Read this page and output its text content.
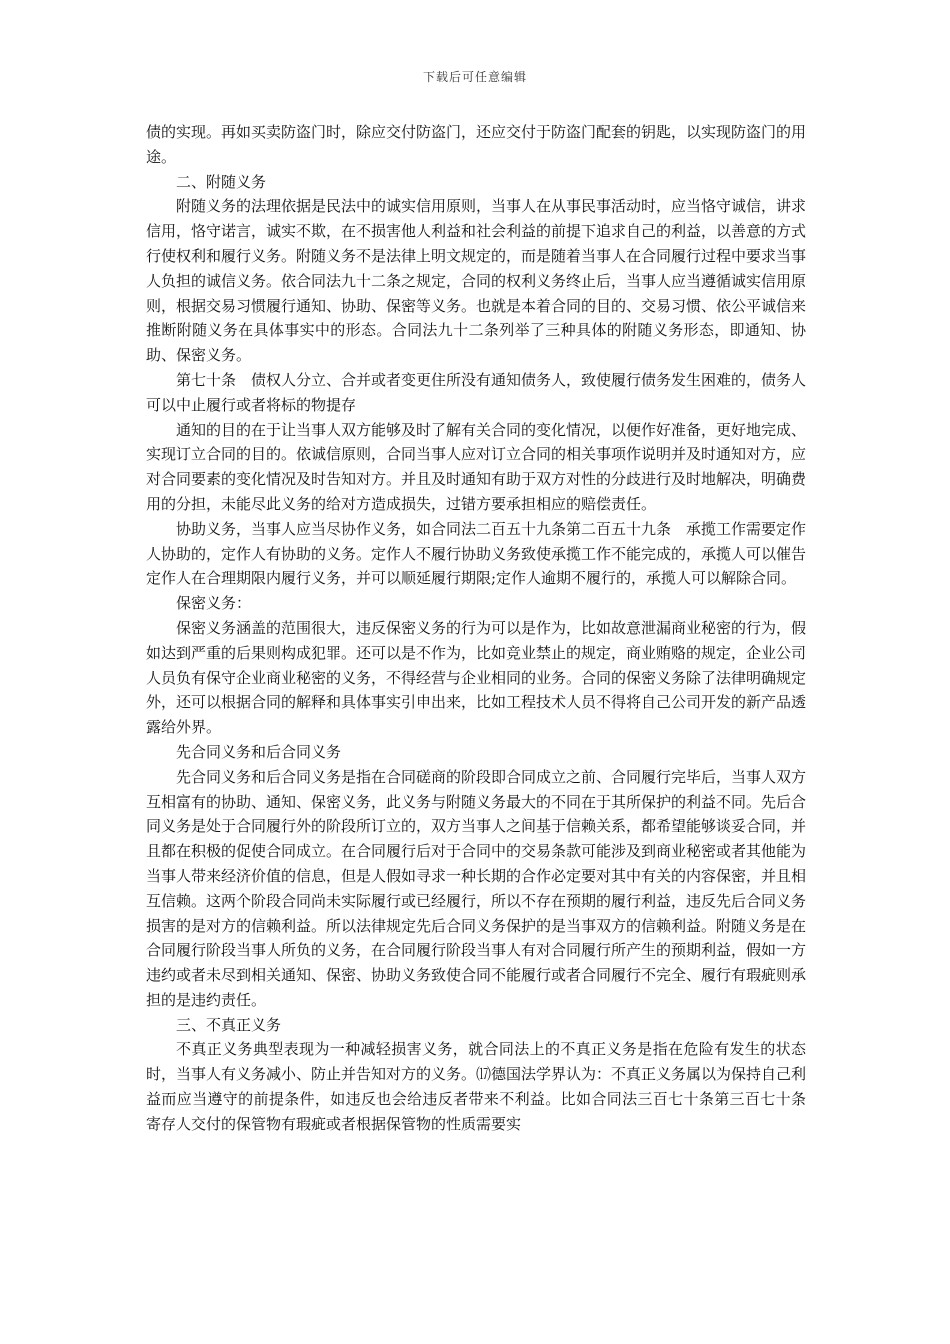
下载后可任意编辑

债的实现。再如买卖防盗门时，除应交付防盗门，还应交付于防盗门配套的钥匙，以实现防盗门的用途。

二、附随义务

附随义务的法理依据是民法中的诚实信用原则，当事人在从事民事活动时，应当恪守诚信，讲求信用，恪守诺言，诚实不欺，在不损害他人利益和社会利益的前提下追求自己的利益，以善意的方式行使权利和履行义务。附随义务不是法律上明文规定的，而是随着当事人在合同履行过程中要求当事人负担的诚信义务。依合同法九十二条之规定，合同的权利义务终止后，当事人应当遵循诚实信用原则，根据交易习惯履行通知、协助、保密等义务。也就是本着合同的目的、交易习惯、依公平诚信来推断附随义务在具体事实中的形态。合同法九十二条列举了三种具体的附随义务形态，即通知、协助、保密义务。

第七十条　债权人分立、合并或者变更住所没有通知债务人，致使履行债务发生困难的，债务人可以中止履行或者将标的物提存

通知的目的在于让当事人双方能够及时了解有关合同的变化情况，以便作好准备，更好地完成、实现订立合同的目的。依诚信原则，合同当事人应对订立合同的相关事项作说明并及时通知对方，应对合同要素的变化情况及时告知对方。并且及时通知有助于双方对性的分歧进行及时地解决，明确费用的分担，未能尽此义务的给对方造成损失，过错方要承担相应的赔偿责任。

协助义务，当事人应当尽协作义务，如合同法二百五十九条第二百五十九条　承揽工作需要定作人协助的，定作人有协助的义务。定作人不履行协助义务致使承揽工作不能完成的，承揽人可以催告定作人在合理期限内履行义务，并可以顺延履行期限;定作人逾期不履行的，承揽人可以解除合同。

保密义务：

保密义务涵盖的范围很大，违反保密义务的行为可以是作为，比如故意泄漏商业秘密的行为，假如达到严重的后果则构成犯罪。还可以是不作为，比如竞业禁止的规定，商业贿赂的规定，企业公司人员负有保守企业商业秘密的义务，不得经营与企业相同的业务。合同的保密义务除了法律明确规定外，还可以根据合同的解释和具体事实引申出来，比如工程技术人员不得将自己公司开发的新产品透露给外界。

先合同义务和后合同义务

先合同义务和后合同义务是指在合同磋商的阶段即合同成立之前、合同履行完毕后，当事人双方互相富有的协助、通知、保密义务，此义务与附随义务最大的不同在于其所保护的利益不同。先后合同义务是处于合同履行外的阶段所订立的，双方当事人之间基于信赖关系，都希望能够谈妥合同，并且都在积极的促使合同成立。在合同履行后对于合同中的交易条款可能涉及到商业秘密或者其他能为当事人带来经济价值的信息，但是人假如寻求一种长期的合作必定要对其中有关的内容保密，并且相互信赖。这两个阶段合同尚未实际履行或已经履行，所以不存在预期的履行利益，违反先后合同义务损害的是对方的信赖利益。所以法律规定先后合同义务保护的是当事双方的信赖利益。附随义务是在合同履行阶段当事人所负的义务，在合同履行阶段当事人有对合同履行所产生的预期利益，假如一方违约或者未尽到相关通知、保密、协助义务致使合同不能履行或者合同履行不完全、履行有瑕疵则承担的是违约责任。

三、不真正义务

不真正义务典型表现为一种减轻损害义务，就合同法上的不真正义务是指在危险有发生的状态时，当事人有义务减小、防止并告知对方的义务。⒄德国法学界认为：不真正义务属以为保持自己利益而应当遵守的前提条件，如违反也会给违反者带来不利益。比如合同法三百七十条第三百七十条　寄存人交付的保管物有瑕疵或者根据保管物的性质需要实
